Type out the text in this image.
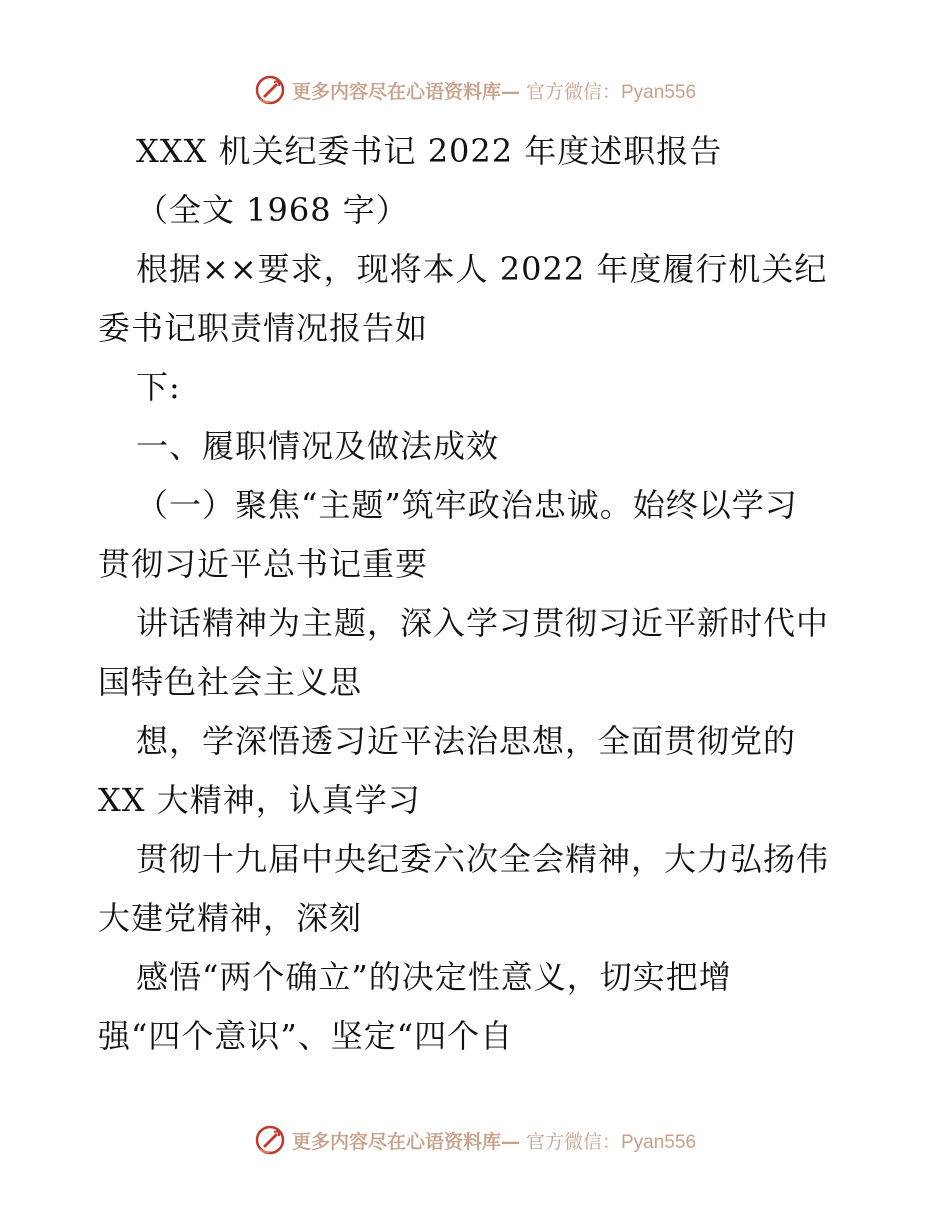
更多内容尽在心语资料库— 官方微信：Pyan556
XXX 机关纪委书记 2022 年度述职报告
（全文 1968 字）
根据××要求，现将本人 2022 年度履行机关纪
委书记职责情况报告如
下:
一、履职情况及做法成效
（一）聚焦“主题”筑牢政治忠诚。始终以学习
贯彻习近平总书记重要
讲话精神为主题，深入学习贯彻习近平新时代中
国特色社会主义思
想，学深悟透习近平法治思想，全面贯彻党的
XX 大精神，认真学习
贯彻十九届中央纪委六次全会精神，大力弘扬伟
大建党精神，深刻
感悟“两个确立”的决定性意义，切实把增
强“四个意识”、坚定“四个自
更多内容尽在心语资料库— 官方微信：Pyan556
